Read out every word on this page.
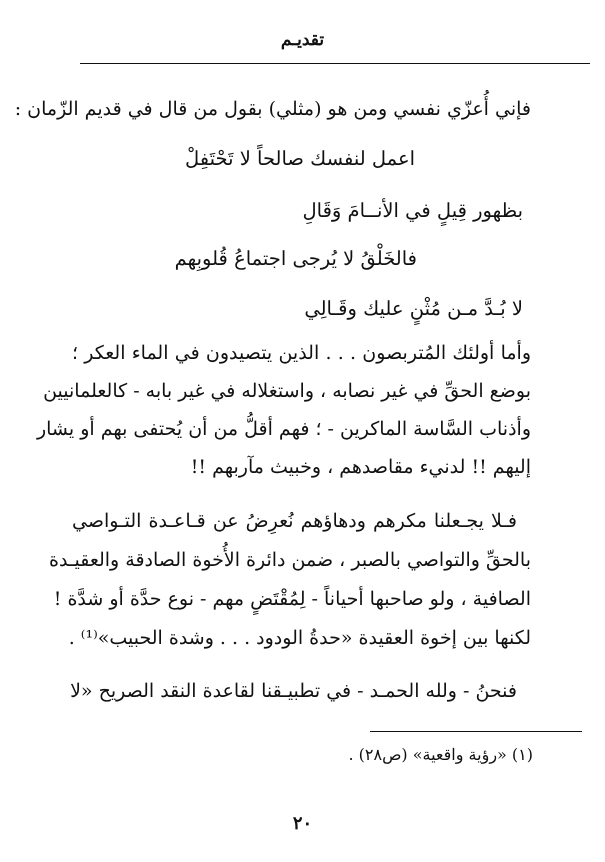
تقديـم
فإني أُعزّي نفسي ومن هو (مثلي) بقول من قال في قديم الزّمان :
اعمل لنفسك صالحاً لا تَحْتَفِلْ
بظهور قِيلٍ في الأنــامَ وَقَالِ
فالخَلْقُ لا يُرجى اجتماعُ قُلوبِهم
لا بُـدَّ مـن مُثْنٍ عليك وقَـالِي
وأما أولئك المُتربصون . . . الذين يتصيدون في الماء العكر ؛
بوضع الحقِّ في غير نصابه ، واستغلاله في غير بابه - كالعلمانيين
وأذناب السَّاسة الماكرين - ؛ فهم أقلُّ من أن يُحتفى بهم أو يشار
إليهم !! لدنيء مقاصدهم ، وخبيث مآربهم !!
فـلا يجـعلنا مكرهم ودهاؤهم نُعرِضُ عن قـاعـدة التـواصي
بالحقِّ والتواصي بالصبر ، ضمن دائرة الأُخوة الصادقة والعقيـدة
الصافية ، ولو صاحبها أحياناً - لِمُقْتَضٍ مهم - نوع حدَّة أو شدَّة !
لكنها بين إخوة العقيدة «حدةُ الودود . . . وشدة الحبيب»⁽¹⁾ .
فنحنُ - ولله الحمـد - في تطبيـقنا لقاعدة النقد الصريح «لا
(١) «رؤية واقعية» (ص٢٨) .
٢٠
